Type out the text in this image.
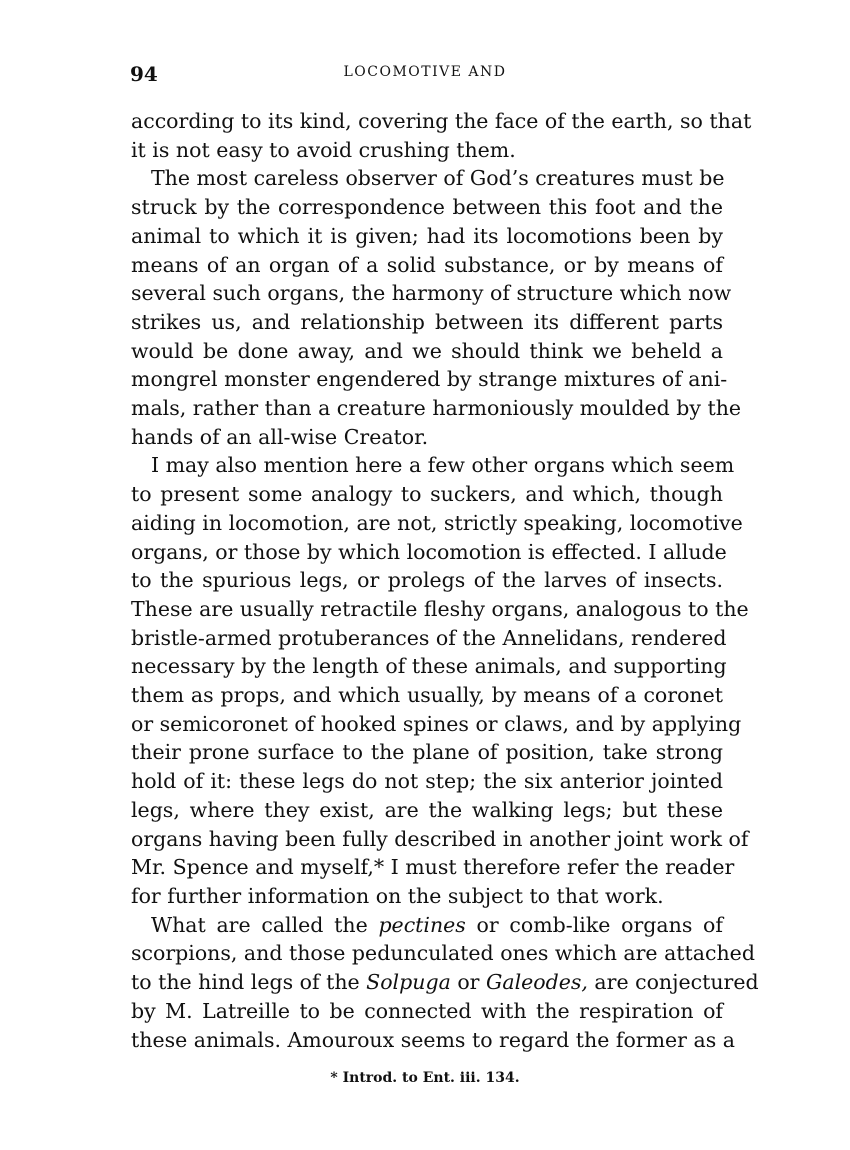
94	LOCOMOTIVE AND
according to its kind, covering the face of the earth, so that
it is not easy to avoid crushing them.
The most careless observer of God’s creatures must be
struck by the correspondence between this foot and the
animal to which it is given; had its locomotions been by
means of an organ of a solid substance, or by means of
several such organs, the harmony of structure which now
strikes us, and relationship between its different parts
would be done away, and we should think we beheld a
mongrel monster engendered by strange mixtures of ani-
mals, rather than a creature harmoniously moulded by the
hands of an all-wise Creator.
I may also mention here a few other organs which seem
to present some analogy to suckers, and which, though
aiding in locomotion, are not, strictly speaking, locomotive
organs, or those by which locomotion is effected. I allude
to the spurious legs, or prolegs of the larves of insects.
These are usually retractile fleshy organs, analogous to the
bristle-armed protuberances of the Annelidans, rendered
necessary by the length of these animals, and supporting
them as props, and which usually, by means of a coronet
or semicoronet of hooked spines or claws, and by applying
their prone surface to the plane of position, take strong
hold of it: these legs do not step; the six anterior jointed
legs, where they exist, are the walking legs; but these
organs having been fully described in another joint work of
Mr. Spence and myself,* I must therefore refer the reader
for further information on the subject to that work.
What are called the pectines or comb-like organs of
scorpions, and those pedunculated ones which are attached
to the hind legs of the Solpuga or Galeodes, are conjectured
by M. Latreille to be connected with the respiration of
these animals. Amouroux seems to regard the former as a
* Introd. to Ent. iii. 134.
